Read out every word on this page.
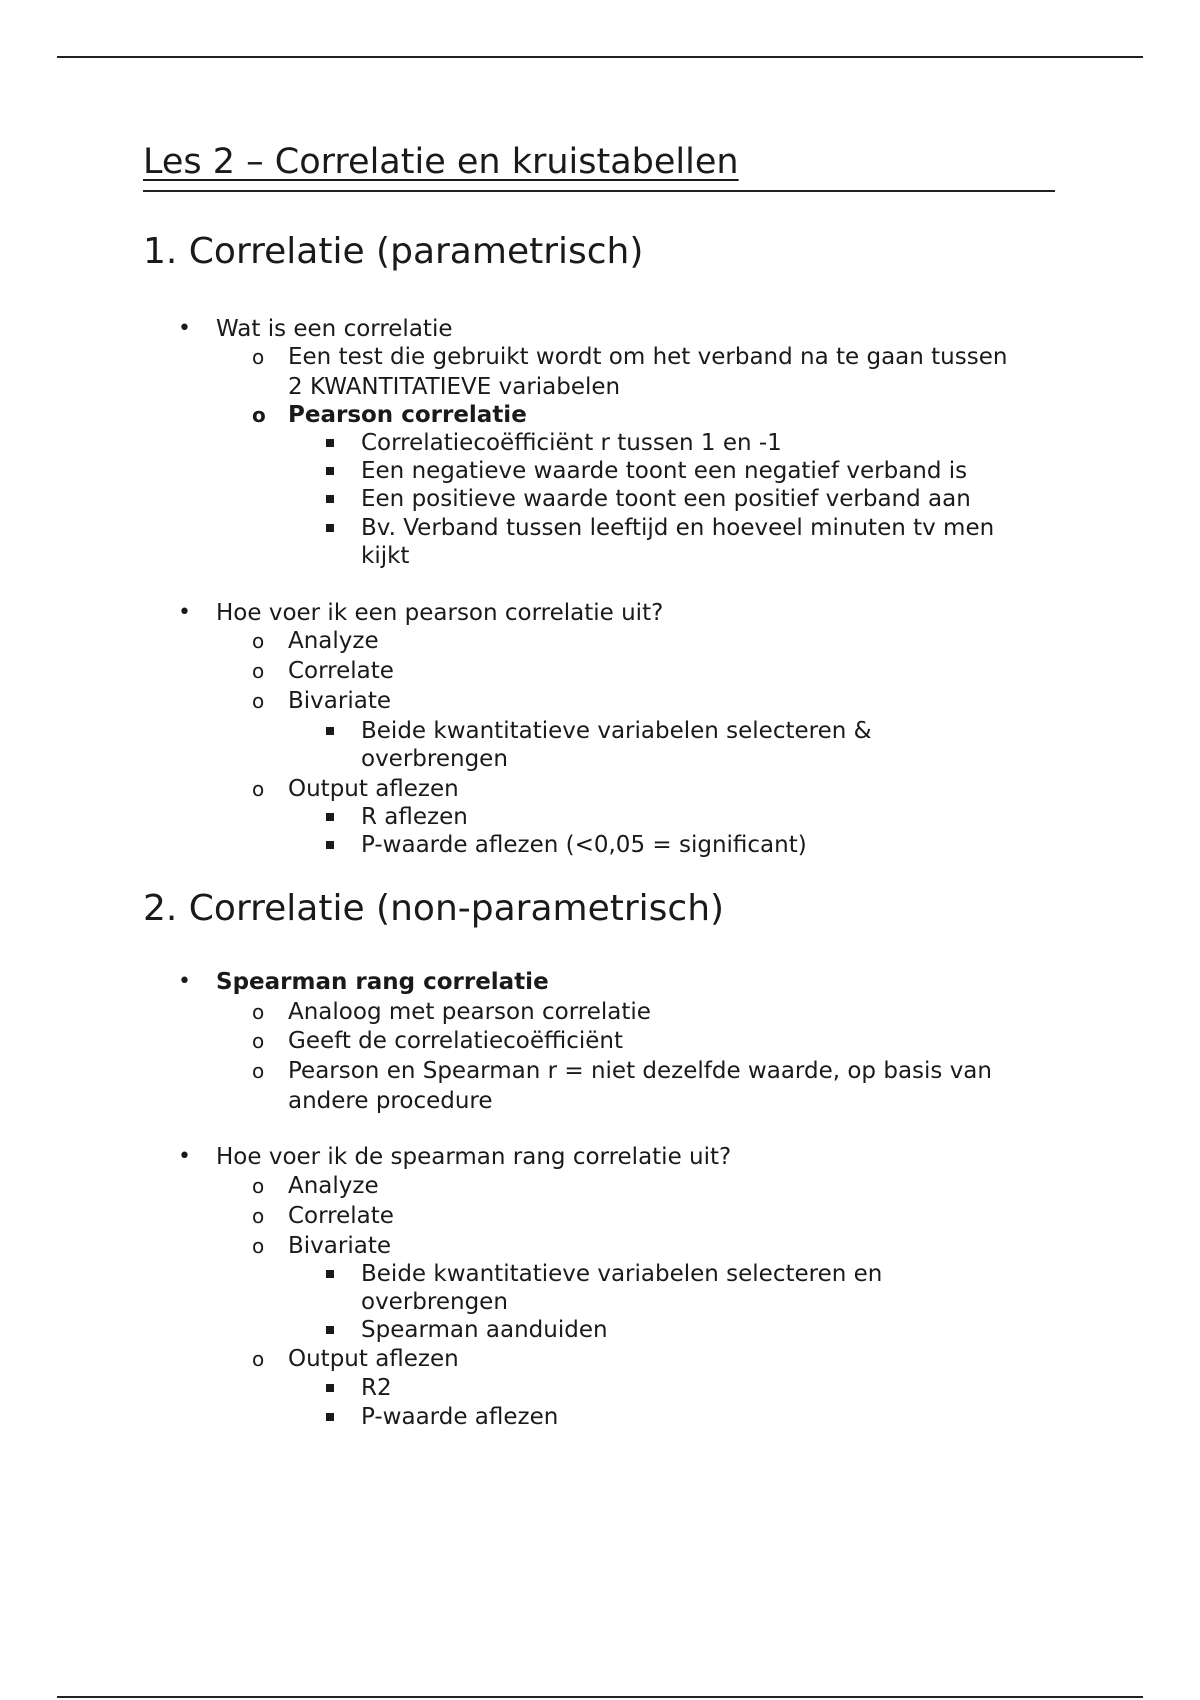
Les 2 – Correlatie en kruistabellen
1. Correlatie (parametrisch)
• Wat is een correlatie
o Een test die gebruikt wordt om het verband na te gaan tussen
2 KWANTITATIEVE variabelen
o Pearson correlatie
Correlatiecoëfficiënt r tussen 1 en -1
Een negatieve waarde toont een negatief verband is
Een positieve waarde toont een positief verband aan
Bv. Verband tussen leeftijd en hoeveel minuten tv men
kijkt
• Hoe voer ik een pearson correlatie uit?
o Analyze
o Correlate
o Bivariate
Beide kwantitatieve variabelen selecteren &
overbrengen
o Output aflezen
R aflezen
P-waarde aflezen (<0,05 = significant)
2. Correlatie (non-parametrisch)
• Spearman rang correlatie
o Analoog met pearson correlatie
o Geeft de correlatiecoëfficiënt
o Pearson en Spearman r = niet dezelfde waarde, op basis van
andere procedure
• Hoe voer ik de spearman rang correlatie uit?
o Analyze
o Correlate
o Bivariate
Beide kwantitatieve variabelen selecteren en
overbrengen
Spearman aanduiden
o Output aflezen
R2
P-waarde aflezen
